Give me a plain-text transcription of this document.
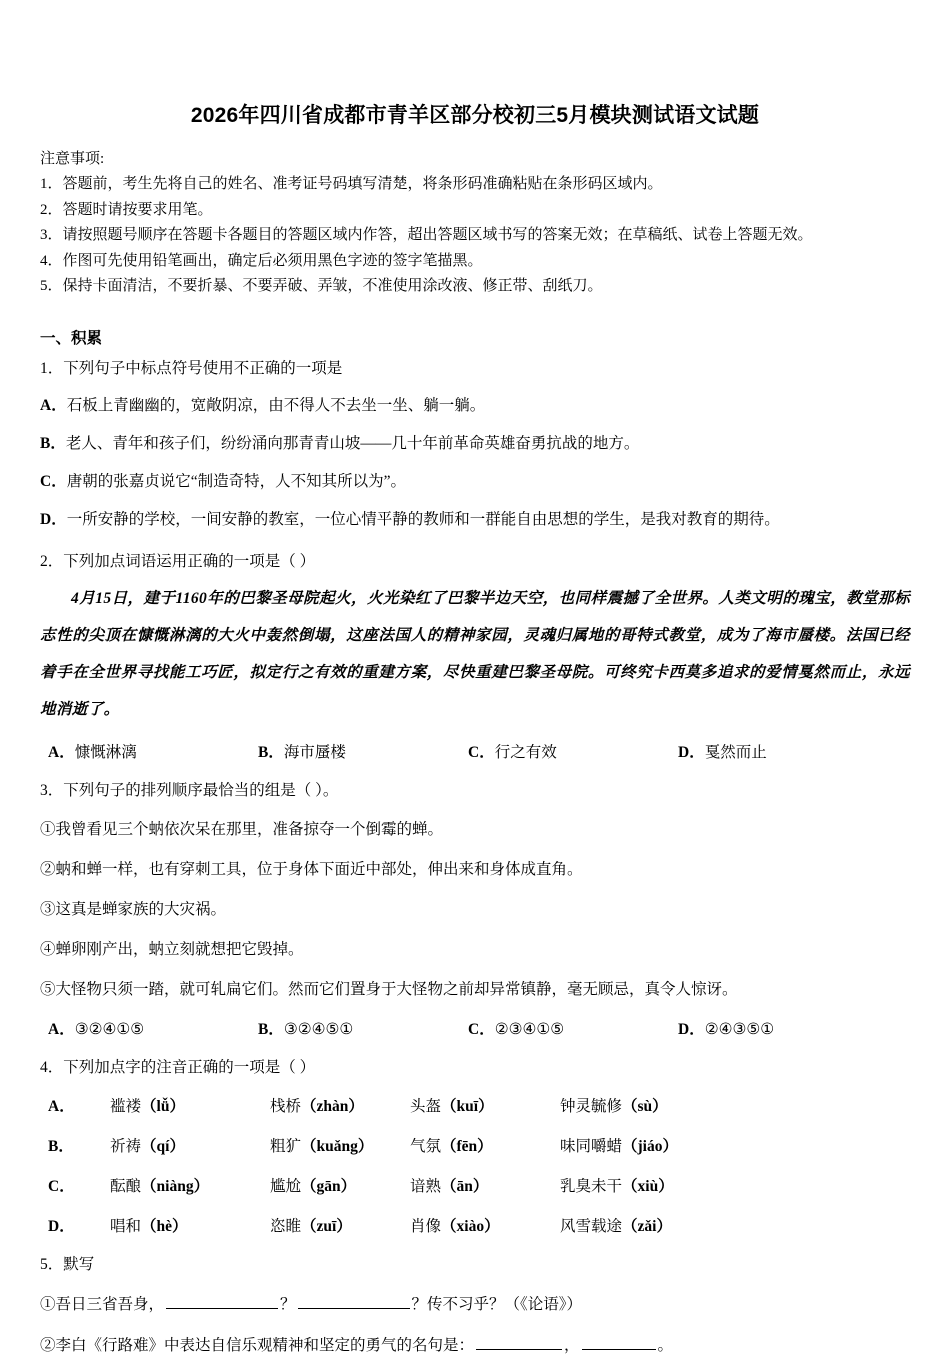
2026年四川省成都市青羊区部分校初三5月模块测试语文试题
注意事项:
1．答题前，考生先将自己的姓名、准考证号码填写清楚，将条形码准确粘贴在条形码区域内。
2．答题时请按要求用笔。
3．请按照题号顺序在答题卡各题目的答题区域内作答，超出答题区域书写的答案无效；在草稿纸、试卷上答题无效。
4．作图可先使用铅笔画出，确定后必须用黑色字迹的签字笔描黑。
5．保持卡面清洁，不要折暴、不要弄破、弄皱，不准使用涂改液、修正带、刮纸刀。
一、积累
1．下列句子中标点符号使用不正确的一项是
A．石板上青幽幽的，宽敞阴凉，由不得人不去坐一坐、躺一躺。
B．老人、青年和孩子们，纷纷涌向那青青山坡——几十年前革命英雄奋勇抗战的地方。
C．唐朝的张嘉贞说它“制造奇特，人不知其所以为”。
D．一所安静的学校，一间安静的教室，一位心情平静的教师和一群能自由思想的学生，是我对教育的期待。
2．下列加点词语运用正确的一项是（ ）
4月15日，建于1160年的巴黎圣母院起火，火光染红了巴黎半边天空，也同样震撼了全世界。人类文明的瑰宝，教堂那标志性的尖顶在慷慨淋漓的大火中轰然倒塌，这座法国人的精神家园，灵魂归属地的哥特式教堂，成为了海市蜃楼。法国已经着手在全世界寻找能工巧匠，拟定行之有效的重建方案，尽快重建巴黎圣母院。可终究卡西莫多追求的爱情戛然而止，永远地消逝了。
A．慷慨淋漓	B．海市蜃楼	C．行之有效	D．戛然而止
3．下列句子的排列顺序最恰当的组是（ ）。
①我曾看见三个蚋依次呆在那里，准备掠夺一个倒霉的蝉。
②蚋和蝉一样，也有穿刺工具，位于身体下面近中部处，伸出来和身体成直角。
③这真是蝉家族的大灾祸。
④蝉卵刚产出，蚋立刻就想把它毁掉。
⑤大怪物只须一踏，就可轧扁它们。然而它们置身于大怪物之前却异常镇静，毫无顾忌，真令人惊讶。
A．③②④①⑤	B．③②④⑤①	C．②③④①⑤	D．②④③⑤①
4．下列加点字的注音正确的一项是（ ）
A．	褴褛（lǚ）	栈桥（zhàn）	头盔（kuī）	钟灵毓修（sù）
B．	祈祷（qí）	粗犷（kuǎng）	气氛（fēn）	味同嚼蜡（jiáo）
C．	酝酿（niàng）	尴尬（gān）	谙熟（ān）	乳臭未干（xiù）
D．	唱和（hè）	恣睢（zuī）	肖像（xiào）	风雪载途（zǎi）
5．默写
①吾日三省吾身，	？	？传不习乎？（《论语》）
②李白《行路难》中表达自信乐观精神和坚定的勇气的名句是：	，	。
